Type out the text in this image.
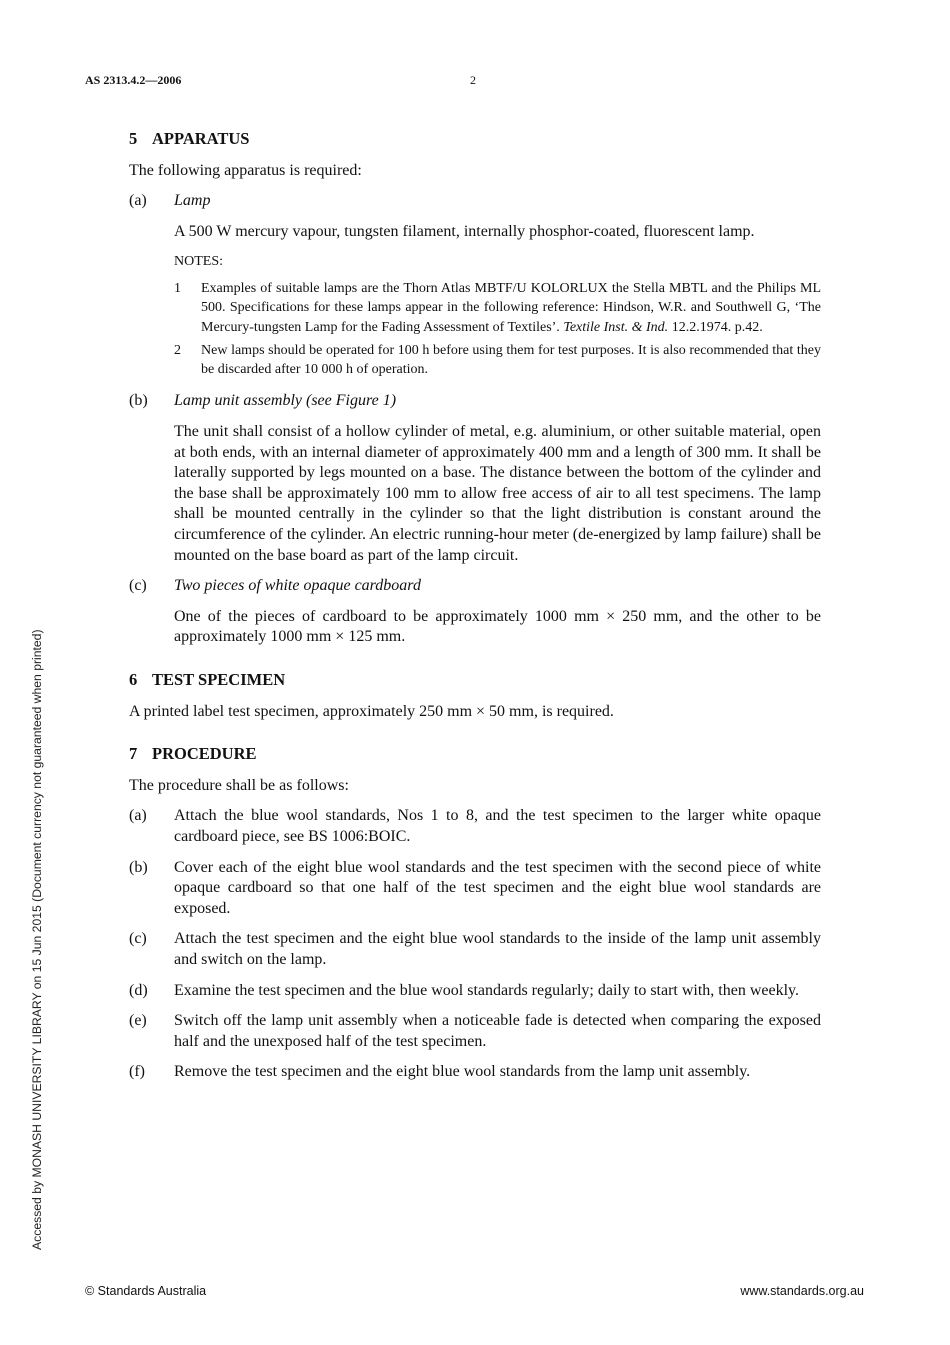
AS 2313.4.2—2006	2
Accessed by MONASH UNIVERSITY LIBRARY on 15 Jun 2015 (Document currency not guaranteed when printed)
5 APPARATUS

The following apparatus is required:

(a) Lamp

A 500 W mercury vapour, tungsten filament, internally phosphor-coated, fluorescent lamp.

NOTES:
1 Examples of suitable lamps are the Thorn Atlas MBTF/U KOLORLUX the Stella MBTL and the Philips ML 500. Specifications for these lamps appear in the following reference: Hindson, W.R. and Southwell G, ‘The Mercury-tungsten Lamp for the Fading Assessment of Textiles’. Textile Inst. & Ind. 12.2.1974. p.42.
2 New lamps should be operated for 100 h before using them for test purposes. It is also recommended that they be discarded after 10 000 h of operation.
(b) Lamp unit assembly (see Figure 1)

The unit shall consist of a hollow cylinder of metal, e.g. aluminium, or other suitable material, open at both ends, with an internal diameter of approximately 400 mm and a length of 300 mm. It shall be laterally supported by legs mounted on a base. The distance between the bottom of the cylinder and the base shall be approximately 100 mm to allow free access of air to all test specimens. The lamp shall be mounted centrally in the cylinder so that the light distribution is constant around the circumference of the cylinder. An electric running-hour meter (de-energized by lamp failure) shall be mounted on the base board as part of the lamp circuit.

(c) Two pieces of white opaque cardboard

One of the pieces of cardboard to be approximately 1000 mm × 250 mm, and the other to be approximately 1000 mm × 125 mm.

6 TEST SPECIMEN

A printed label test specimen, approximately 250 mm × 50 mm, is required.

7 PROCEDURE

The procedure shall be as follows:

(a) Attach the blue wool standards, Nos 1 to 8, and the test specimen to the larger white opaque cardboard piece, see BS 1006:BOIC.
(b) Cover each of the eight blue wool standards and the test specimen with the second piece of white opaque cardboard so that one half of the test specimen and the eight blue wool standards are exposed.
(c) Attach the test specimen and the eight blue wool standards to the inside of the lamp unit assembly and switch on the lamp.
(d) Examine the test specimen and the blue wool standards regularly; daily to start with, then weekly.
(e) Switch off the lamp unit assembly when a noticeable fade is detected when comparing the exposed half and the unexposed half of the test specimen.
(f) Remove the test specimen and the eight blue wool standards from the lamp unit assembly.
© Standards Australia	www.standards.org.au
